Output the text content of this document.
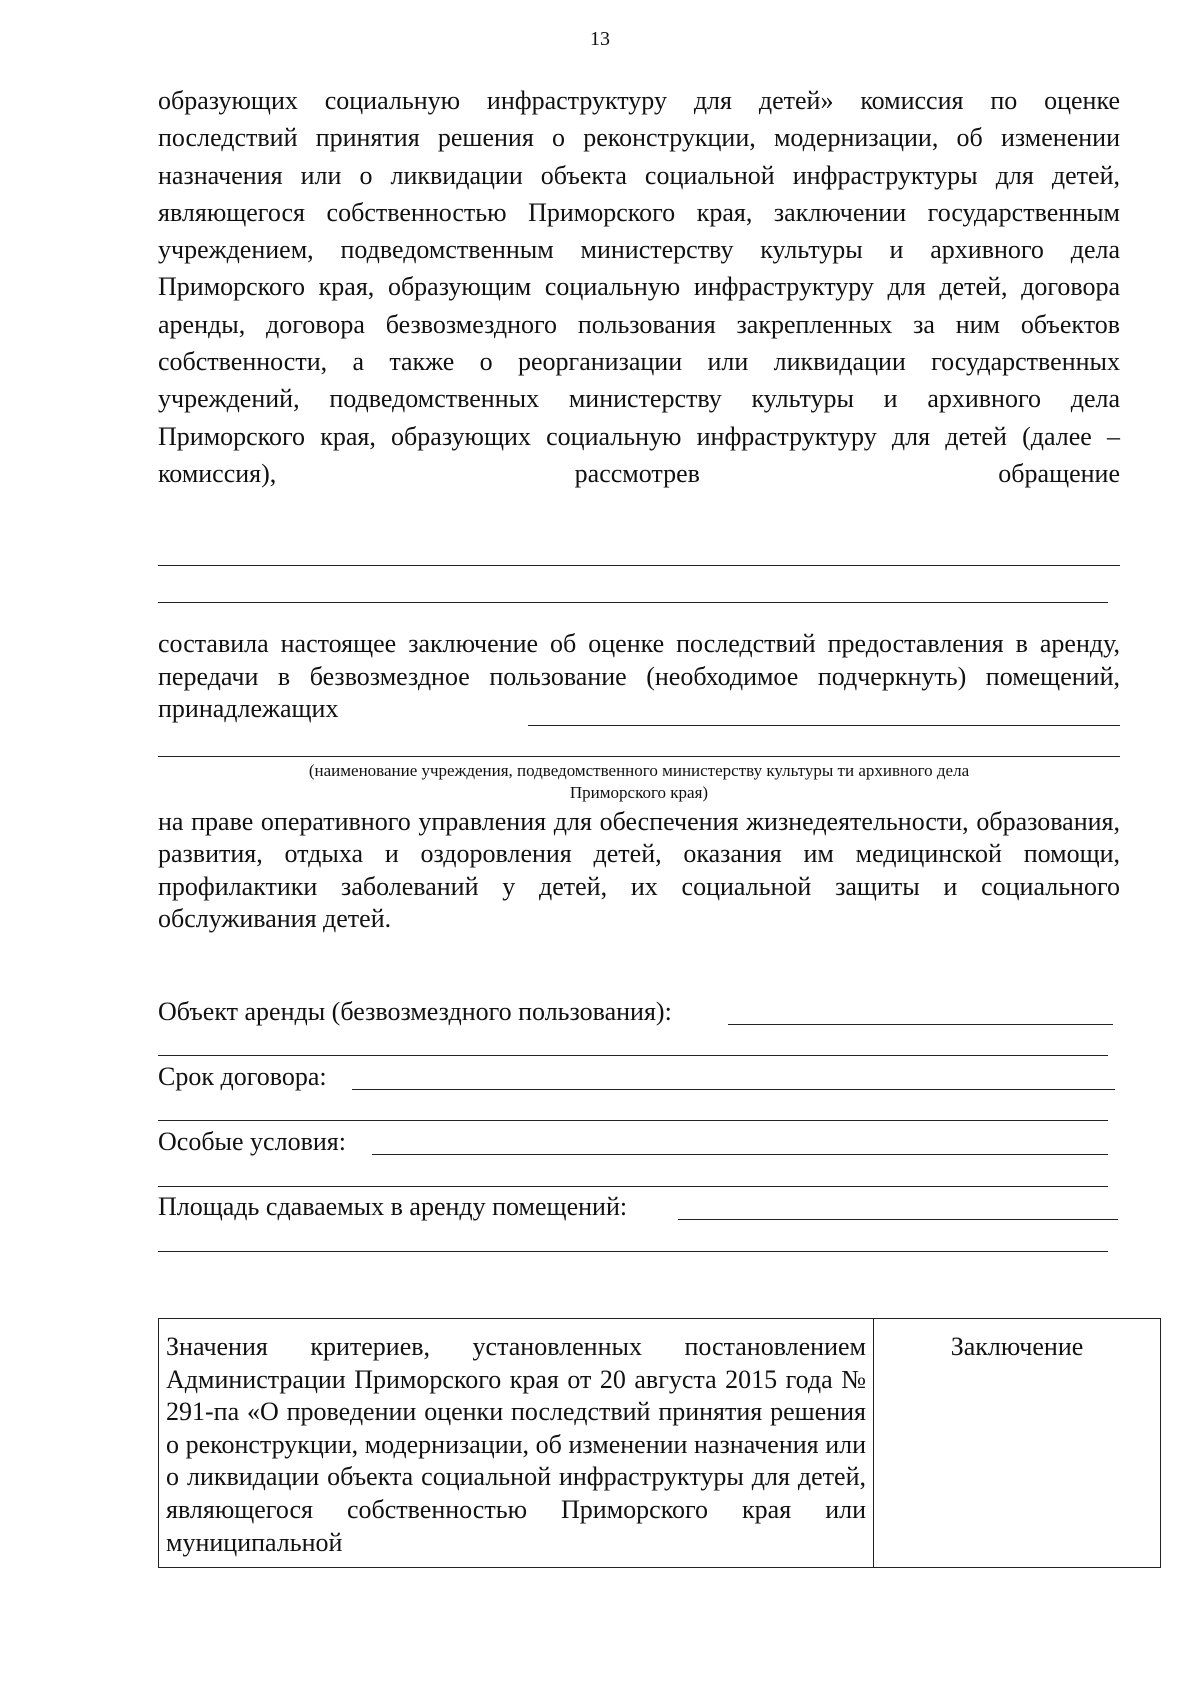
13
образующих социальную инфраструктуру для детей» комиссия по оценке последствий принятия решения о реконструкции, модернизации, об изменении назначения или о ликвидации объекта социальной инфраструктуры для детей, являющегося собственностью Приморского края, заключении государственным учреждением, подведомственным министерству культуры и архивного дела Приморского края, образующим социальную инфраструктуру для детей, договора аренды, договора безвозмездного пользования закрепленных за ним объектов собственности, а также о реорганизации или ликвидации государственных учреждений, подведомственных министерству культуры и архивного дела Приморского края, образующих социальную инфраструктуру для детей (далее – комиссия), рассмотрев обращение
составила настоящее заключение об оценке последствий предоставления в аренду, передачи в безвозмездное пользование (необходимое подчеркнуть) помещений, принадлежащих
(наименование учреждения, подведомственного министерству культуры ти архивного дела
Приморского края)
на праве оперативного управления для обеспечения жизнедеятельности, образования, развития, отдыха и оздоровления детей, оказания им медицинской помощи, профилактики заболеваний у детей, их социальной защиты и социального обслуживания детей.
Объект аренды (безвозмездного пользования):
Срок договора:
Особые условия:
Площадь сдаваемых в аренду помещений:
Значения критериев, установленных постановлением Администрации Приморского края от 20 августа 2015 года № 291-па «О проведении оценки последствий принятия решения о реконструкции, модернизации, об изменении назначения или о ликвидации объекта социальной инфраструктуры для детей, являющегося собственностью Приморского края или муниципальной
Заключение
